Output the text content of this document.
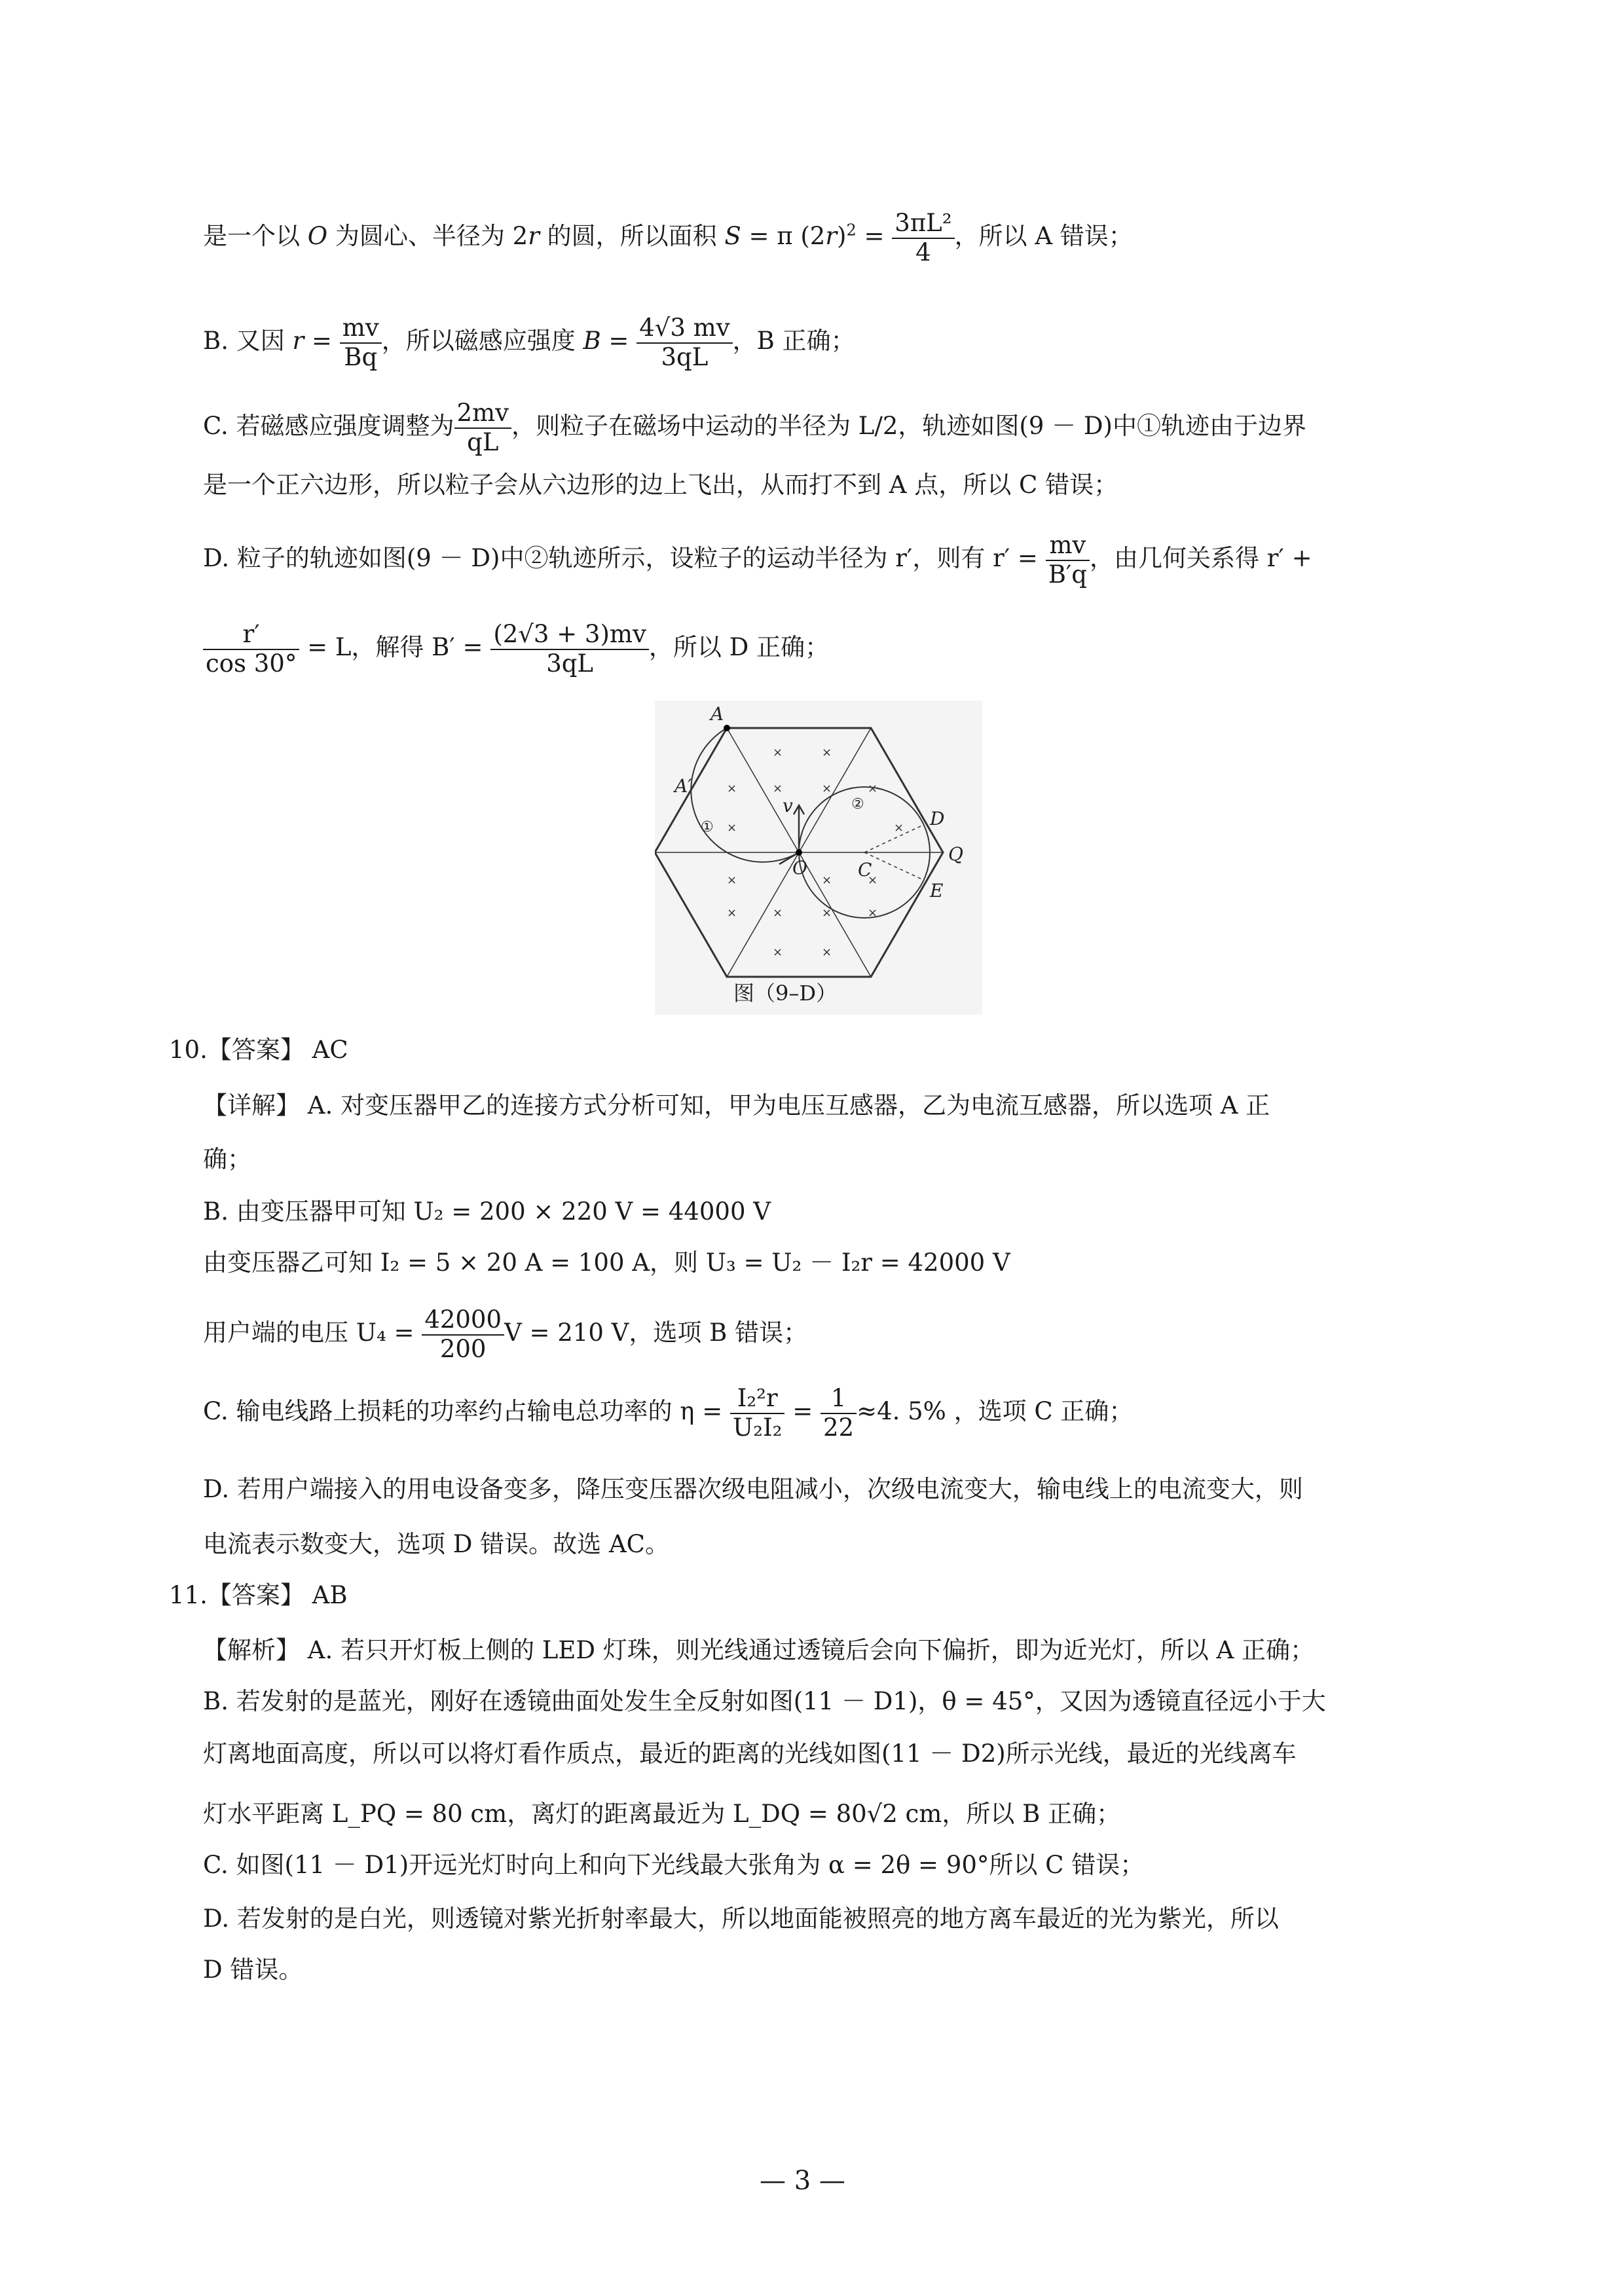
是一个以 O 为圆心、半径为 2r 的圆，所以面积 S = π $(2r)^2 = \frac{\text{3πL²}}{4}$ ，所以 A 错误；
B. 又因 $r = \frac{mv}{Bq}$ ，所以磁感应强度 $B = \frac{4√3 mv}{3qL}$ ，B 正确；
C. 若磁感应强度调整为 $\frac{2mv}{qL}$ ，则粒子在磁场中运动的半径为 L/2，轨迹如图(9 － D)中①轨迹由于边界
是一个正六边形，所以粒子会从六边形的边上飞出，从而打不到 A 点，所以 C 错误；
D. 粒子的轨迹如图(9 － D)中②轨迹所示，设粒子的运动半径为 r′，则有 $r' = \frac{mv}{B'q}$ ，由几何关系得 r′ +
$\frac{r'}{\cos 30^\circ} = L$，解得 $B' = \frac{(2√3 + 3)mv}{3qL}$ ，所以 D 正确；
×	×
×	×	×	×
×	×
×	×	×
×	×	×	×
×	×
A
A′
O	C
D
Q
E
v
①
②
图（9–D）
10.【答案】 AC
【详解】 A. 对变压器甲乙的连接方式分析可知，甲为电压互感器，乙为电流互感器，所以选项 A 正
确；
B. 由变压器甲可知 U₂ = 200 × 220 V = 44000 V
由变压器乙可知 I₂ = 5 × 20 A = 100 A，则 U₃ = U₂ － I₂r = 42000 V
用户端的电压 $U_4 = \frac{42000}{200}$ V = 210 V，选项 B 错误；
C. 输电线路上损耗的功率约占输电总功率的 $\eta = \frac{\text{I₂²r}}{\text{U₂I₂}} = \frac{1}{22} \approx 4$. 5% ，选项 C 正确；
D. 若用户端接入的用电设备变多，降压变压器次级电阻减小，次级电流变大，输电线上的电流变大，则
电流表示数变大，选项 D 错误。故选 AC。
11.【答案】 AB
【解析】 A. 若只开灯板上侧的 LED 灯珠，则光线通过透镜后会向下偏折，即为近光灯，所以 A 正确；
B. 若发射的是蓝光，刚好在透镜曲面处发生全反射如图(11 － D1)，θ = 45°，又因为透镜直径远小于大
灯离地面高度，所以可以将灯看作质点，最近的距离的光线如图(11 － D2)所示光线，最近的光线离车
灯水平距离 L_PQ = 80 cm，离灯的距离最近为 L_DQ = 80√2 cm，所以 B 正确；
C. 如图(11 － D1)开远光灯时向上和向下光线最大张角为 α = 2θ = 90°所以 C 错误；
D. 若发射的是白光，则透镜对紫光折射率最大，所以地面能被照亮的地方离车最近的光为紫光，所以
D 错误。
— 3 —
